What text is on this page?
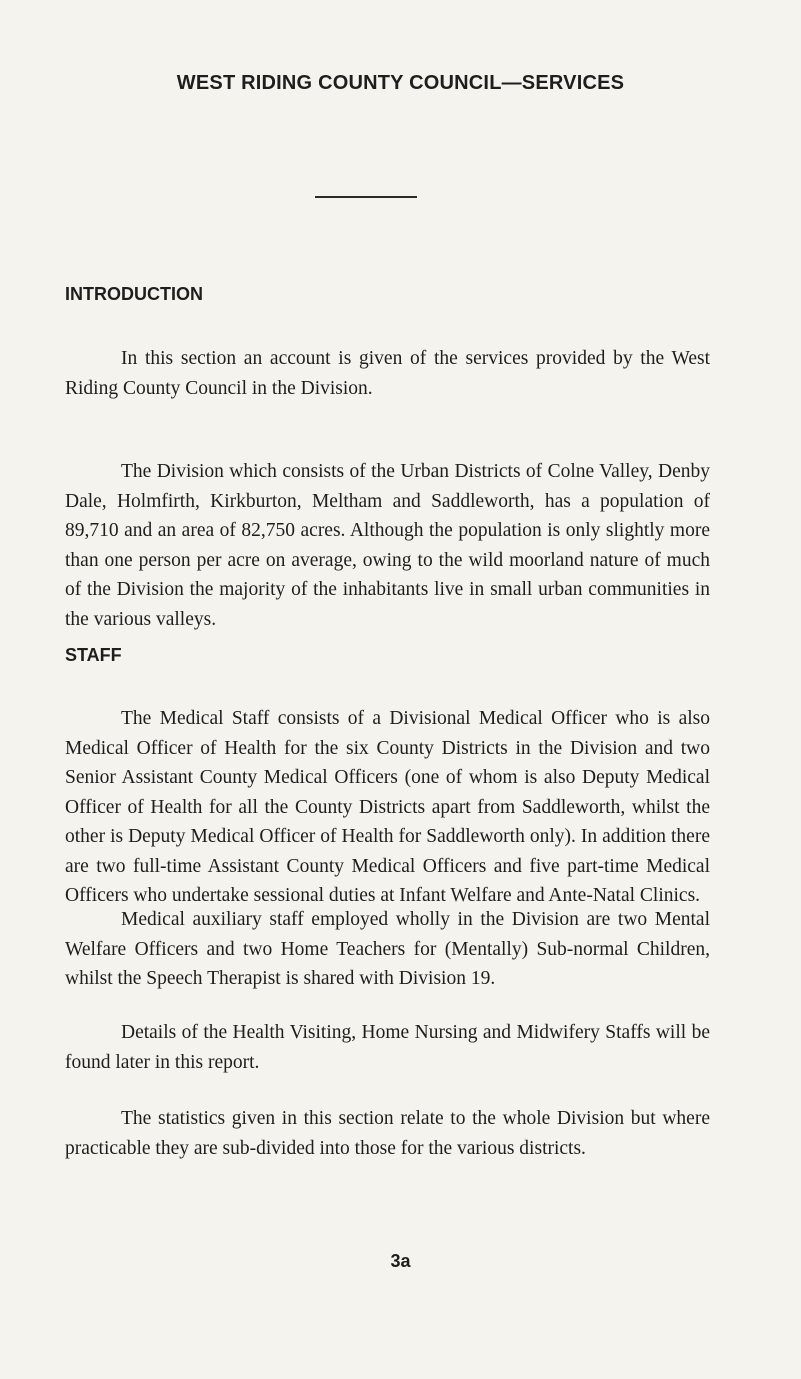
WEST RIDING COUNTY COUNCIL—SERVICES
INTRODUCTION

In this section an account is given of the services provided by the West Riding County Council in the Division.

The Division which consists of the Urban Districts of Colne Valley, Denby Dale, Holmfirth, Kirkburton, Meltham and Saddleworth, has a population of 89,710 and an area of 82,750 acres. Although the population is only slightly more than one person per acre on average, owing to the wild moorland nature of much of the Division the majority of the inhabitants live in small urban communities in the various valleys.

STAFF

The Medical Staff consists of a Divisional Medical Officer who is also Medical Officer of Health for the six County Districts in the Division and two Senior Assistant County Medical Officers (one of whom is also Deputy Medical Officer of Health for all the County Districts apart from Saddleworth, whilst the other is Deputy Medical Officer of Health for Saddleworth only). In addition there are two full-time Assistant County Medical Officers and five part-time Medical Officers who undertake sessional duties at Infant Welfare and Ante-Natal Clinics.

Medical auxiliary staff employed wholly in the Division are two Mental Welfare Officers and two Home Teachers for (Mentally) Sub-normal Children, whilst the Speech Therapist is shared with Division 19.

Details of the Health Visiting, Home Nursing and Midwifery Staffs will be found later in this report.

The statistics given in this section relate to the whole Division but where practicable they are sub-divided into those for the various districts.

3a
